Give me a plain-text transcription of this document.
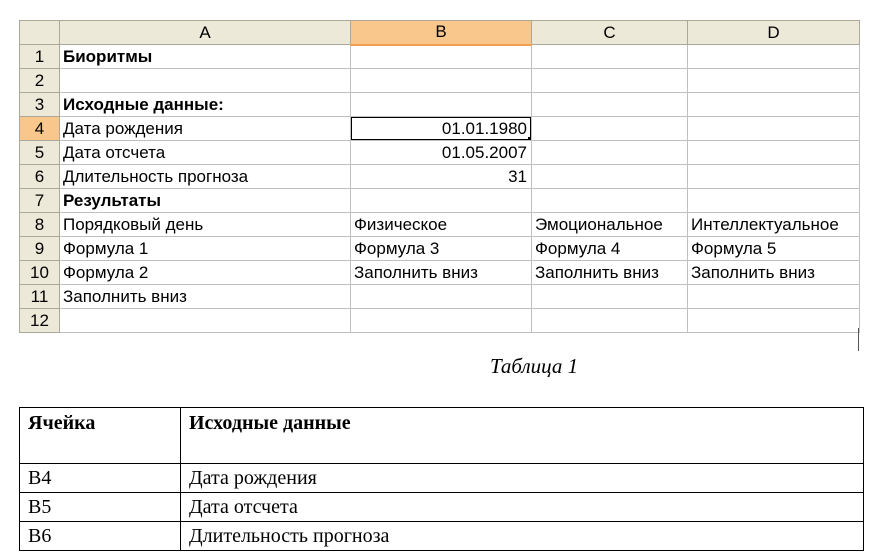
	A	B	C	D
1	Биоритмы			
2				
3	Исходные данные:			
4	Дата рождения	01.01.1980

5	Дата отсчета	01.05.2007		
6	Длительность прогноза	31		
7	Результаты			
8	Порядковый день	Физическое	Эмоциональное	Интеллектуальное
9	Формула 1	Формула 3	Формула 4	Формула 5
10	Формула 2	Заполнить вниз	Заполнить вниз	Заполнить вниз
11	Заполнить вниз			
12				
Таблица 1
Ячейка	Исходные данные
B4	Дата рождения
B5	Дата отсчета
B6	Длительность прогноза
